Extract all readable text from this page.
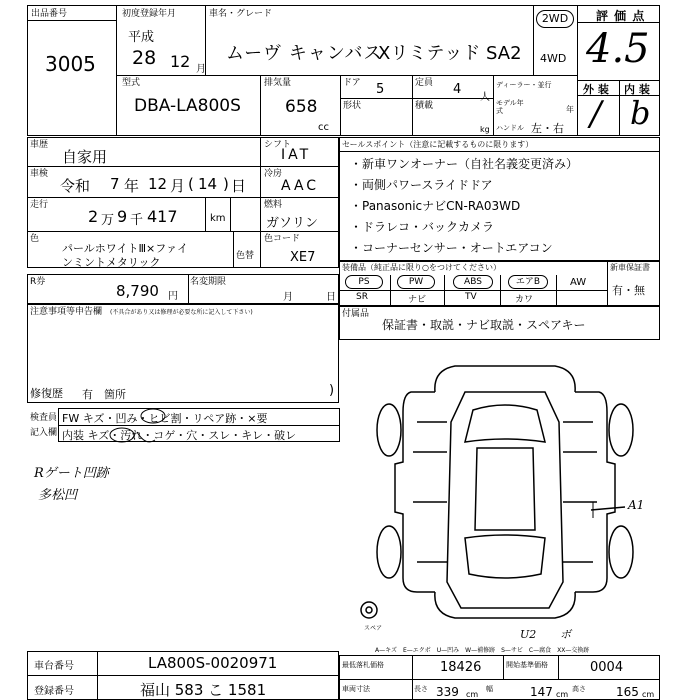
出品番号
3005
初度登録年月
平成
28 12 月
車名・グレード
ムーヴ キャンバス
Xリミテッド SA2
2WD
4WD
評 価 点
4.5
型式
DBA-LA800S
排気量
658
cc
ドア 5
形状
定員 4
人
積載
kg
ディーラー・並行
モデル年式	年
ハンドル 左・右
外 装 内 装
/ b
車歴
自家用
シフト
IAT
車検
令和 7 年 12 月 ( 14 ) 日
冷房
AAC
走行
2 万 9 千 417	km
燃料
ガソリン
色
パールホワイトⅢ×ファイ
ンミントメタリック	色替
色コード
XE7
R券	8,790 円
名変期限
月	日
注意事項等申告欄 (不具合があり又は修理が必要な所に記入して下さい)
修復歴 有　箇所	)
検査員
記入欄
FW キズ・凹み・ヒビ割・リペア跡・×要
内装 キズ・汚れ・コゲ・穴・スレ・キレ・破レ
Rゲート凹跡
多松凹
セールスポイント（注意に記載するものに限ります）
・新車ワンオーナー（自社名義変更済み）
・両側パワースライドドア
・PanasonicナビCN-RA03WD
・ドラレコ・バックカメラ
・コーナーセンサー・オートエアコン
装備品（純正品に限り○をつけてください）	新車保証書
有・無
PS	PW	ABS	エアB	AW
SR	ナビ	TV	カワ
付属品
保証書・取説・ナビ取説・スペアキー
スペア
A1
U2 ボ
A—キズ　E—エクボ　U—凹み　W—補修跡　S—サビ　C—腐食　XX—交換跡
車台番号	LA800S-0020971
登録番号	福山 583 こ 1581
最低落札価格	18426	開始基準価格	0004
車両寸法	長さ 339 cm
幅	147 cm
高さ	165 cm
